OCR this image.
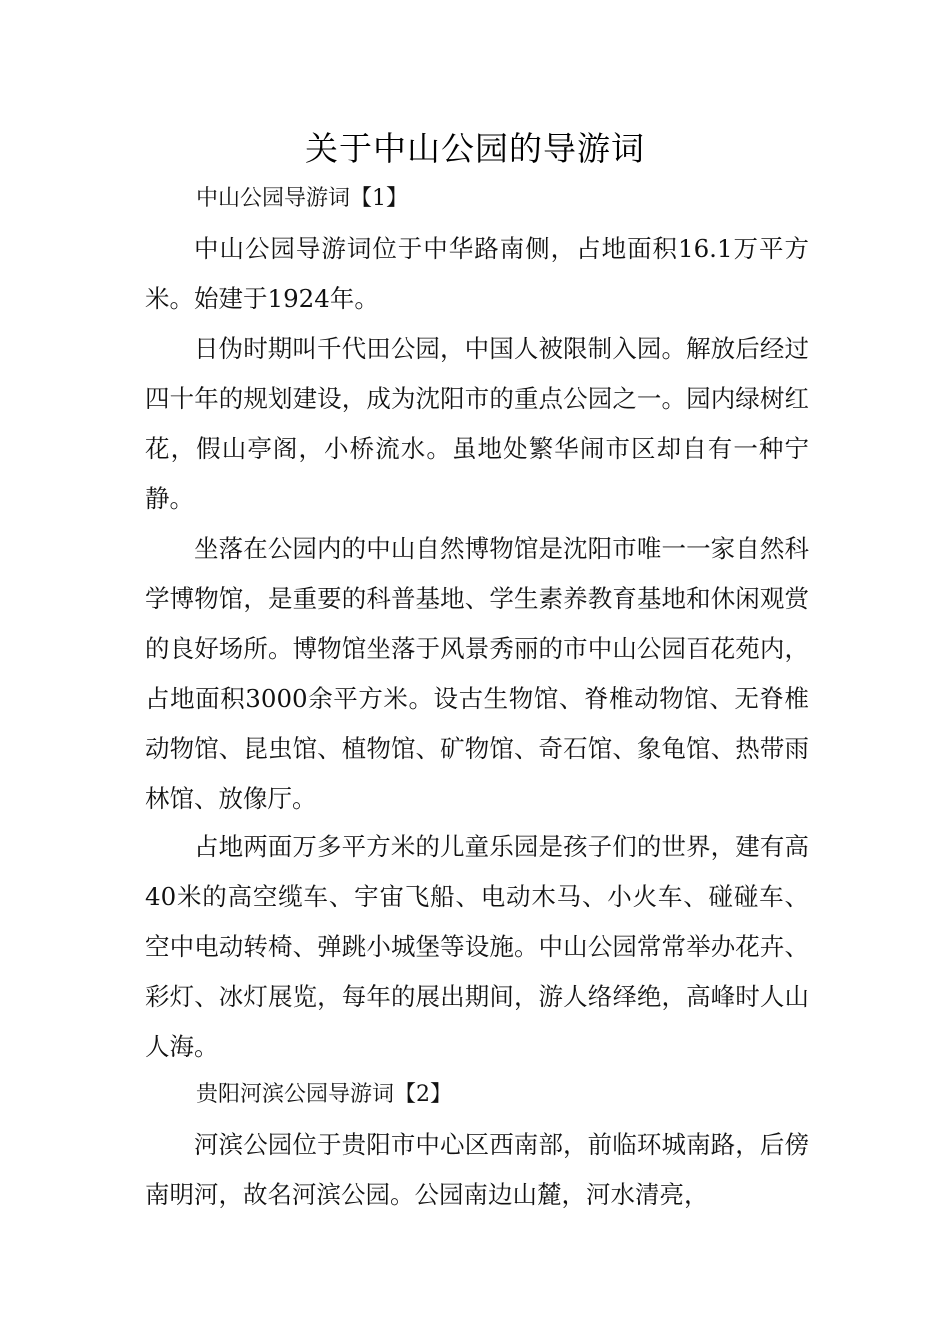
关于中山公园的导游词
中山公园导游词【1】
中山公园导游词位于中华路南侧，占地面积16.1万平方米。始建于1924年。
日伪时期叫千代田公园，中国人被限制入园。解放后经过四十年的规划建设，成为沈阳市的重点公园之一。园内绿树红花，假山亭阁，小桥流水。虽地处繁华闹市区却自有一种宁静。
坐落在公园内的中山自然博物馆是沈阳市唯一一家自然科学博物馆，是重要的科普基地、学生素养教育基地和休闲观赏的良好场所。博物馆坐落于风景秀丽的市中山公园百花苑内，占地面积3000余平方米。设古生物馆、脊椎动物馆、无脊椎动物馆、昆虫馆、植物馆、矿物馆、奇石馆、象龟馆、热带雨林馆、放像厅。
占地两面万多平方米的儿童乐园是孩子们的世界，建有高40米的高空缆车、宇宙飞船、电动木马、小火车、碰碰车、空中电动转椅、弹跳小城堡等设施。中山公园常常举办花卉、彩灯、冰灯展览，每年的展出期间，游人络绎绝，高峰时人山人海。
贵阳河滨公园导游词【2】
河滨公园位于贵阳市中心区西南部，前临环城南路，后傍南明河，故名河滨公园。公园南边山麓，河水清亮，
